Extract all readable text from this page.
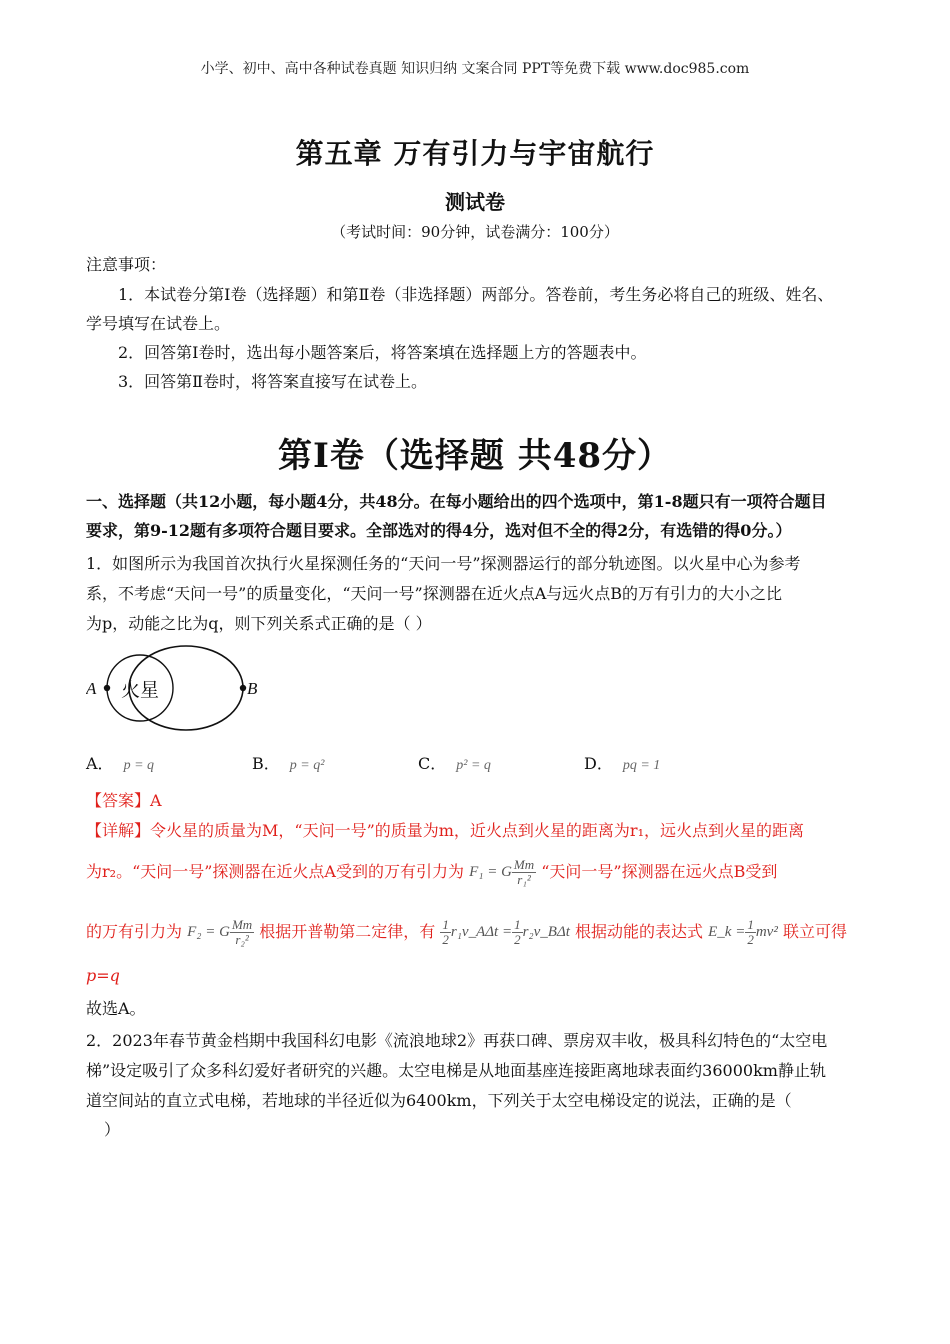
小学、初中、高中各种试卷真题 知识归纳 文案合同 PPT等免费下载 www.doc985.com
第五章 万有引力与宇宙航行
测试卷
（考试时间：90分钟，试卷满分：100分）
注意事项：
1．本试卷分第Ⅰ卷（选择题）和第Ⅱ卷（非选择题）两部分。答卷前，考生务必将自己的班级、姓名、
学号填写在试卷上。
2．回答第Ⅰ卷时，选出每小题答案后，将答案填在选择题上方的答题表中。
3．回答第Ⅱ卷时，将答案直接写在试卷上。
第Ⅰ卷（选择题 共48分）
一、选择题（共12小题，每小题4分，共48分。在每小题给出的四个选项中，第1-8题只有一项符合题目
要求，第9-12题有多项符合题目要求。全部选对的得4分，选对但不全的得2分，有选错的得0分。）
1．如图所示为我国首次执行火星探测任务的“天问一号”探测器运行的部分轨迹图。以火星中心为参考
系，不考虑“天问一号”的质量变化，“天问一号”探测器在近火点A与远火点B的万有引力的大小之比
为p，动能之比为q，则下列关系式正确的是（ ）
A	B
火星
A． p = q	B． p = q²	C． p² = q	D． pq = 1
【答案】A
【详解】令火星的质量为M，“天问一号”的质量为m，近火点到火星的距离为r₁，远火点到火星的距离
为r₂。“天问一号”探测器在近火点A受到的万有引力为 F₁ = G $\frac{Mm}{\text{r₁²}}$ “天问一号”探测器在远火点B受到
的万有引力为 F₂ = G $\frac{Mm}{\text{r₂²}}$ 根据开普勒第二定律，有 $\frac{1}{2}$ r₁v_AΔt = $\frac{1}{2}$ r₂v_BΔt 根据动能的表达式 E_k = $\frac{1}{2} mv^2$ 联立可得
p=q
故选A。
2．2023年春节黄金档期中我国科幻电影《流浪地球2》再获口碑、票房双丰收，极具科幻特色的“太空电
梯”设定吸引了众多科幻爱好者研究的兴趣。太空电梯是从地面基座连接距离地球表面约36000km静止轨
道空间站的直立式电梯，若地球的半径近似为6400km，下列关于太空电梯设定的说法，正确的是（
）
